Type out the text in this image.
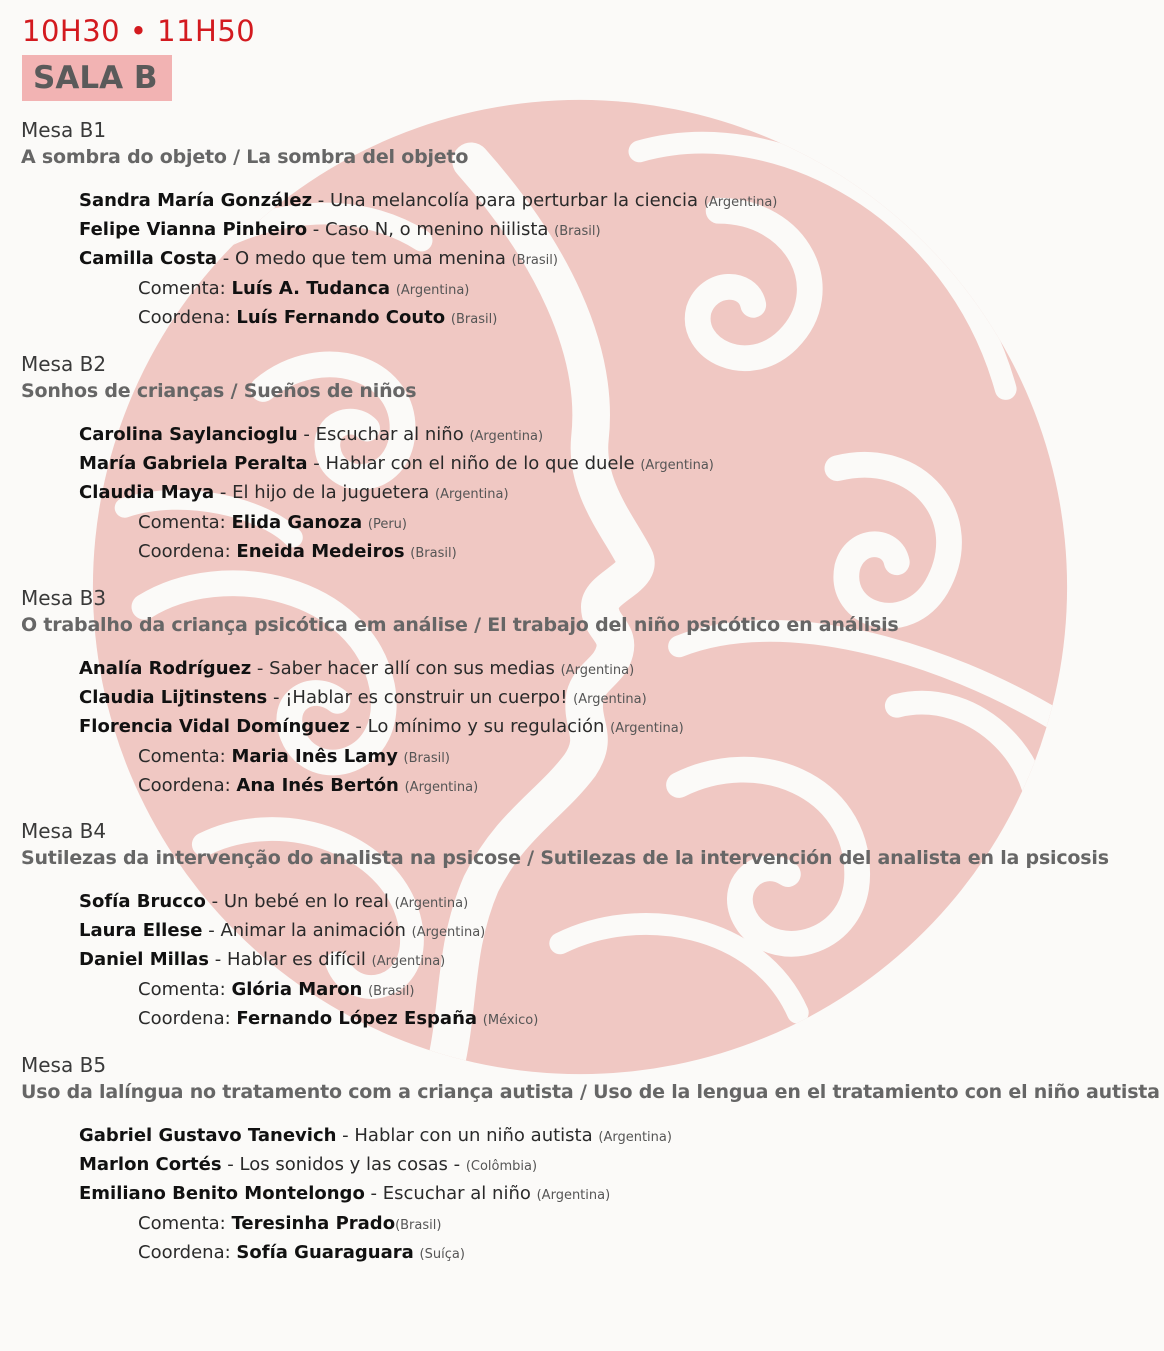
10H30 • 11H50
SALA B
Mesa B1
A sombra do objeto / La sombra del objeto
Sandra María González - Una melancolía para perturbar la ciencia (Argentina)
Felipe Vianna Pinheiro - Caso N, o menino niilista (Brasil)
Camilla Costa - O medo que tem uma menina (Brasil)
Comenta: Luís A. Tudanca (Argentina)
Coordena: Luís Fernando Couto (Brasil)
Mesa B2
Sonhos de crianças / Sueños de niños
Carolina Saylancioglu - Escuchar al niño (Argentina)
María Gabriela Peralta - Hablar con el niño de lo que duele (Argentina)
Claudia Maya - El hijo de la juguetera (Argentina)
Comenta: Elida Ganoza (Peru)
Coordena: Eneida Medeiros (Brasil)
Mesa B3
O trabalho da criança psicótica em análise / El trabajo del niño psicótico en análisis
Analía Rodríguez - Saber hacer allí con sus medias (Argentina)
Claudia Lijtinstens - ¡Hablar es construir un cuerpo! (Argentina)
Florencia Vidal Domínguez - Lo mínimo y su regulación (Argentina)
Comenta: Maria Inês Lamy (Brasil)
Coordena: Ana Inés Bertón (Argentina)
Mesa B4
Sutilezas da intervenção do analista na psicose / Sutilezas de la intervención del analista en la psicosis
Sofía Brucco - Un bebé en lo real (Argentina)
Laura Ellese - Animar la animación (Argentina)
Daniel Millas - Hablar es difícil (Argentina)
Comenta: Glória Maron (Brasil)
Coordena: Fernando López España (México)
Mesa B5
Uso da lalíngua no tratamento com a criança autista / Uso de la lengua en el tratamiento con el niño autista
Gabriel Gustavo Tanevich - Hablar con un niño autista (Argentina)
Marlon Cortés - Los sonidos y las cosas - (Colômbia)
Emiliano Benito Montelongo - Escuchar al niño (Argentina)
Comenta: Teresinha Prado(Brasil)
Coordena: Sofía Guaraguara (Suíça)
